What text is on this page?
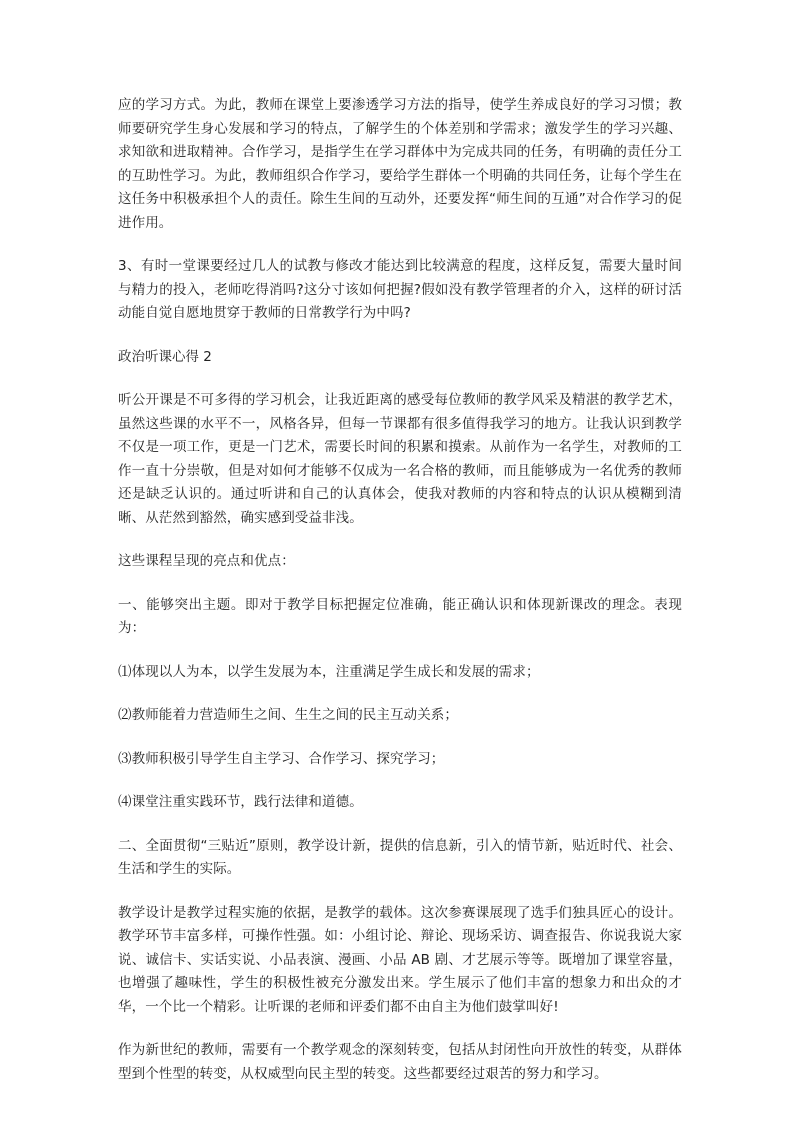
应的学习方式。为此，教师在课堂上要渗透学习方法的指导，使学生养成良好的学习习惯；教师要研究学生身心发展和学习的特点，了解学生的个体差别和学需求；激发学生的学习兴趣、求知欲和进取精神。合作学习，是指学生在学习群体中为完成共同的任务，有明确的责任分工的互助性学习。为此，教师组织合作学习，要给学生群体一个明确的共同任务，让每个学生在这任务中积极承担个人的责任。除生生间的互动外，还要发挥“师生间的互通”对合作学习的促进作用。

3、有时一堂课要经过几人的试教与修改才能达到比较满意的程度，这样反复，需要大量时间与精力的投入，老师吃得消吗?这分寸该如何把握?假如没有教学管理者的介入，这样的研讨活动能自觉自愿地贯穿于教师的日常教学行为中吗?

政治听课心得 2

听公开课是不可多得的学习机会，让我近距离的感受每位教师的教学风采及精湛的教学艺术，虽然这些课的水平不一，风格各异，但每一节课都有很多值得我学习的地方。让我认识到教学不仅是一项工作，更是一门艺术，需要长时间的积累和摸索。从前作为一名学生，对教师的工作一直十分崇敬，但是对如何才能够不仅成为一名合格的教师，而且能够成为一名优秀的教师还是缺乏认识的。通过听讲和自己的认真体会，使我对教师的内容和特点的认识从模糊到清晰、从茫然到豁然，确实感到受益非浅。

这些课程呈现的亮点和优点：

一、能够突出主题。即对于教学目标把握定位准确，能正确认识和体现新课改的理念。表现为：

⑴体现以人为本，以学生发展为本，注重满足学生成长和发展的需求；

⑵教师能着力营造师生之间、生生之间的民主互动关系；

⑶教师积极引导学生自主学习、合作学习、探究学习；

⑷课堂注重实践环节，践行法律和道德。

二、全面贯彻“三贴近”原则，教学设计新，提供的信息新，引入的情节新，贴近时代、社会、生活和学生的实际。

教学设计是教学过程实施的依据，是教学的载体。这次参赛课展现了选手们独具匠心的设计。教学环节丰富多样，可操作性强。如：小组讨论、辩论、现场采访、调查报告、你说我说大家说、诚信卡、实话实说、小品表演、漫画、小品 AB 剧、才艺展示等等。既增加了课堂容量，也增强了趣味性，学生的积极性被充分激发出来。学生展示了他们丰富的想象力和出众的才华，一个比一个精彩。让听课的老师和评委们都不由自主为他们鼓掌叫好!

作为新世纪的教师，需要有一个教学观念的深刻转变，包括从封闭性向开放性的转变，从群体型到个性型的转变，从权威型向民主型的转变。这些都要经过艰苦的努力和学习。
